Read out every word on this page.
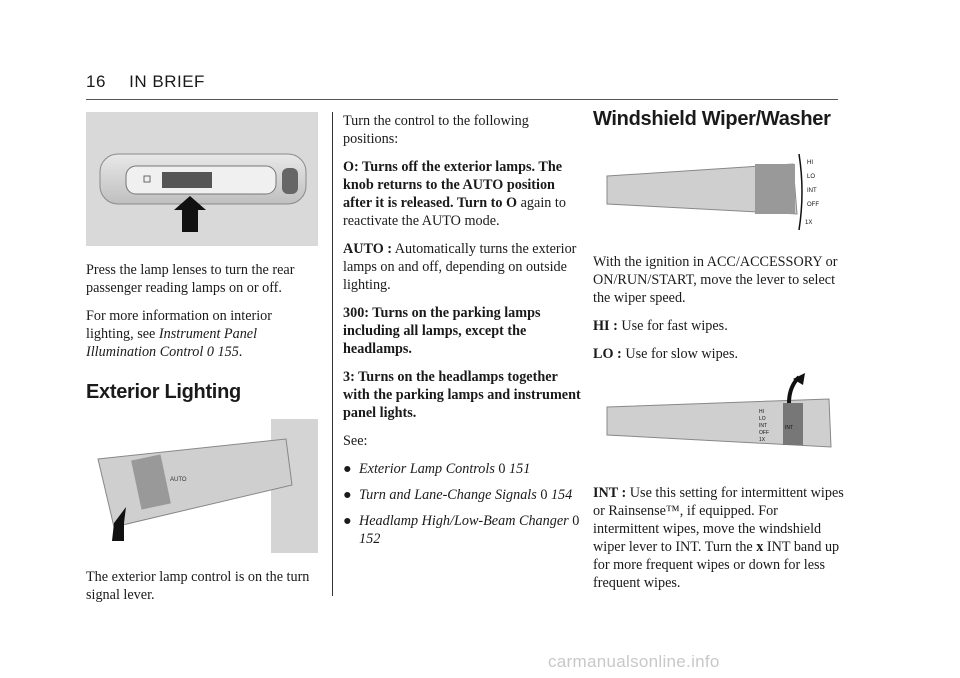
16 IN BRIEF

Press the lamp lenses to turn the rear passenger reading lamps on or off.

For more information on interior lighting, see Instrument Panel Illumination Control 0 155.

Exterior Lighting
AUTO

The exterior lamp control is on the turn signal lever.

Turn the control to the following positions:

O: Turns off the exterior lamps. The knob returns to the AUTO position after it is released. Turn to O again to reactivate the AUTO mode.

AUTO : Automatically turns the exterior lamps on and off, depending on outside lighting.

300: Turns on the parking lamps including all lamps, except the headlamps.

3: Turns on the headlamps together with the parking lamps and instrument panel lights.

See:

● Exterior Lamp Controls 0 151
● Turn and Lane-Change Signals 0 154
● Headlamp High/Low-Beam Changer 0 152
Windshield Wiper/Washer
HI
LO
INT
OFF
1X

With the ignition in ACC/ACCESSORY or ON/RUN/START, move the lever to select the wiper speed.

HI : Use for fast wipes.

LO : Use for slow wipes.

HI
LO
INT
OFF
1X
INT

INT : Use this setting for intermittent wipes or Rainsense™, if equipped. For intermittent wipes, move the windshield wiper lever to INT. Turn the x INT band up for more frequent wipes or down for less frequent wipes.

carmanualsonline.info
